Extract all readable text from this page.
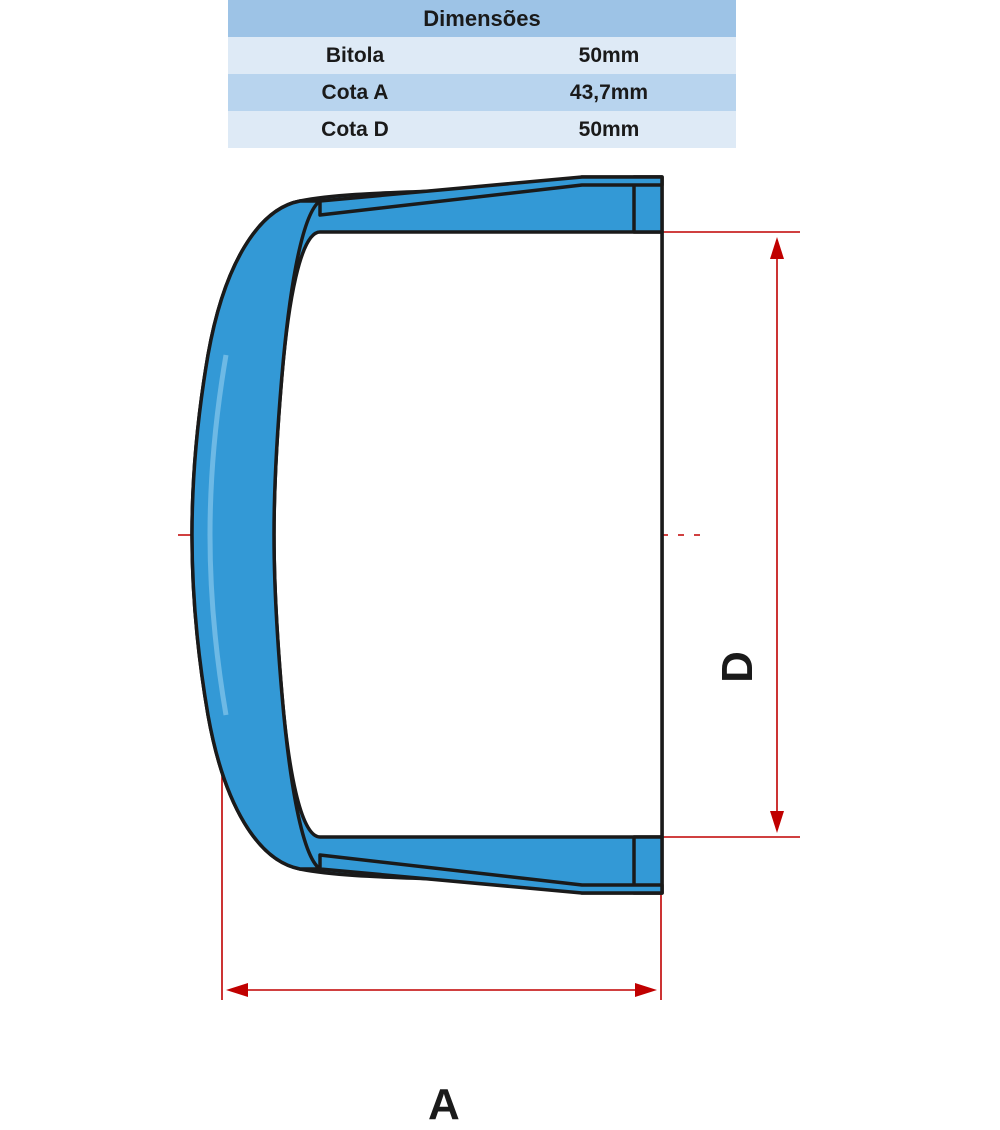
Dimensões	
Bitola	50mm
Cota A	43,7mm
Cota D	50mm
D
A
